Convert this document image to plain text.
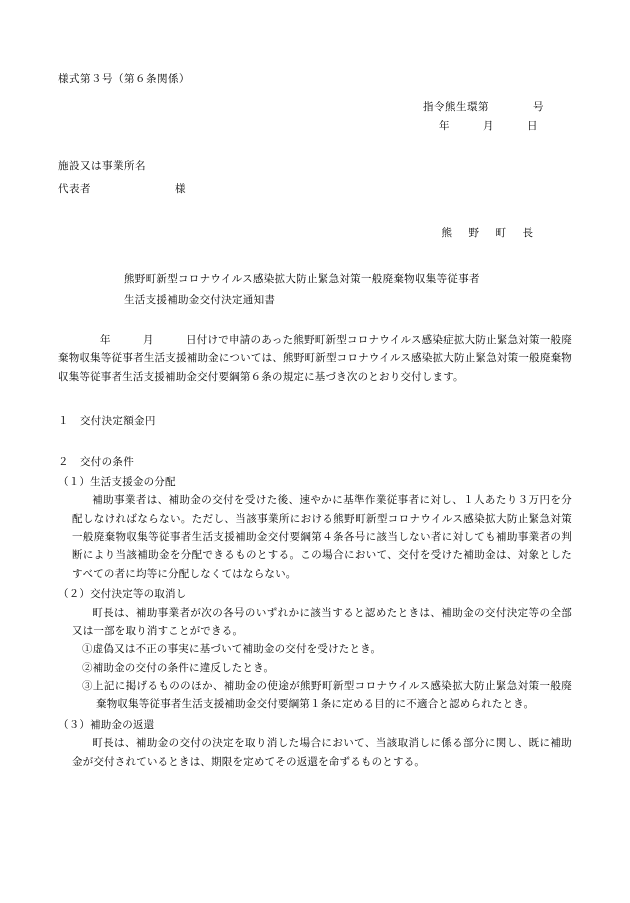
様式第３号（第６条関係）
指令熊生環第　　　　号
年　　　月　　　日
施設又は事業所名
代表者	様
熊　野　町　長
熊野町新型コロナウイルス感染拡大防止緊急対策一般廃棄物収集等従事者
生活支援補助金交付決定通知書
年　　　月　　　日付けで申請のあった熊野町新型コロナウイルス感染症拡大防止緊急対策一般廃棄物収集等従事者生活支援補助金については、熊野町新型コロナウイルス感染拡大防止緊急対策一般廃棄物収集等従事者生活支援補助金交付要綱第６条の規定に基づき次のとおり交付します。
１ 交付決定額金円
２ 交付の条件
（１）生活支援金の分配
補助事業者は、補助金の交付を受けた後、速やかに基準作業従事者に対し、１人あたり３万円を分配しなければならない。ただし、当該事業所における熊野町新型コロナウイルス感染拡大防止緊急対策一般廃棄物収集等従事者生活支援補助金交付要綱第４条各号に該当しない者に対しても補助事業者の判断により当該補助金を分配できるものとする。この場合において、交付を受けた補助金は、対象としたすべての者に均等に分配しなくてはならない。
（２）交付決定等の取消し
町長は、補助事業者が次の各号のいずれかに該当すると認めたときは、補助金の交付決定等の全部又は一部を取り消すことができる。
①虚偽又は不正の事実に基づいて補助金の交付を受けたとき。
②補助金の交付の条件に違反したとき。
③上記に掲げるもののほか、補助金の使途が熊野町新型コロナウイルス感染拡大防止緊急対策一般廃棄物収集等従事者生活支援補助金交付要綱第１条に定める目的に不適合と認められたとき。
（３）補助金の返還
町長は、補助金の交付の決定を取り消した場合において、当該取消しに係る部分に関し、既に補助金が交付されているときは、期限を定めてその返還を命ずるものとする。
